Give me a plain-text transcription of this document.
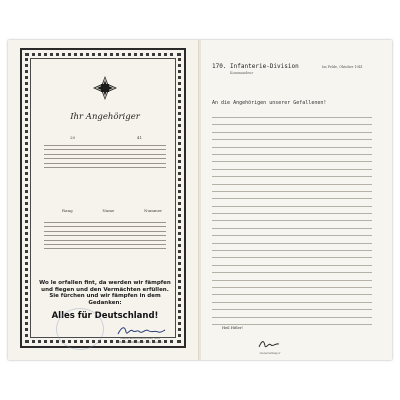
Ihr Angehöriger
20	41
Rang	Name	Nummer
Wo le orfallen fint, da werden wir fämpfen und fiegen und den Vermächten erfüllen. Sie fürchen und wir fämpfen in dem Gedanken:
Alles für Deutschland!
Generalfeldmarschall und Oberbefehlshaber des Heeres
170. Infanterie-Division
Kommandeur
Im Felde, Oktober 1941
An die Angehörigen unserer Gefallenen!
Heil Hitler!
Generalmajor
